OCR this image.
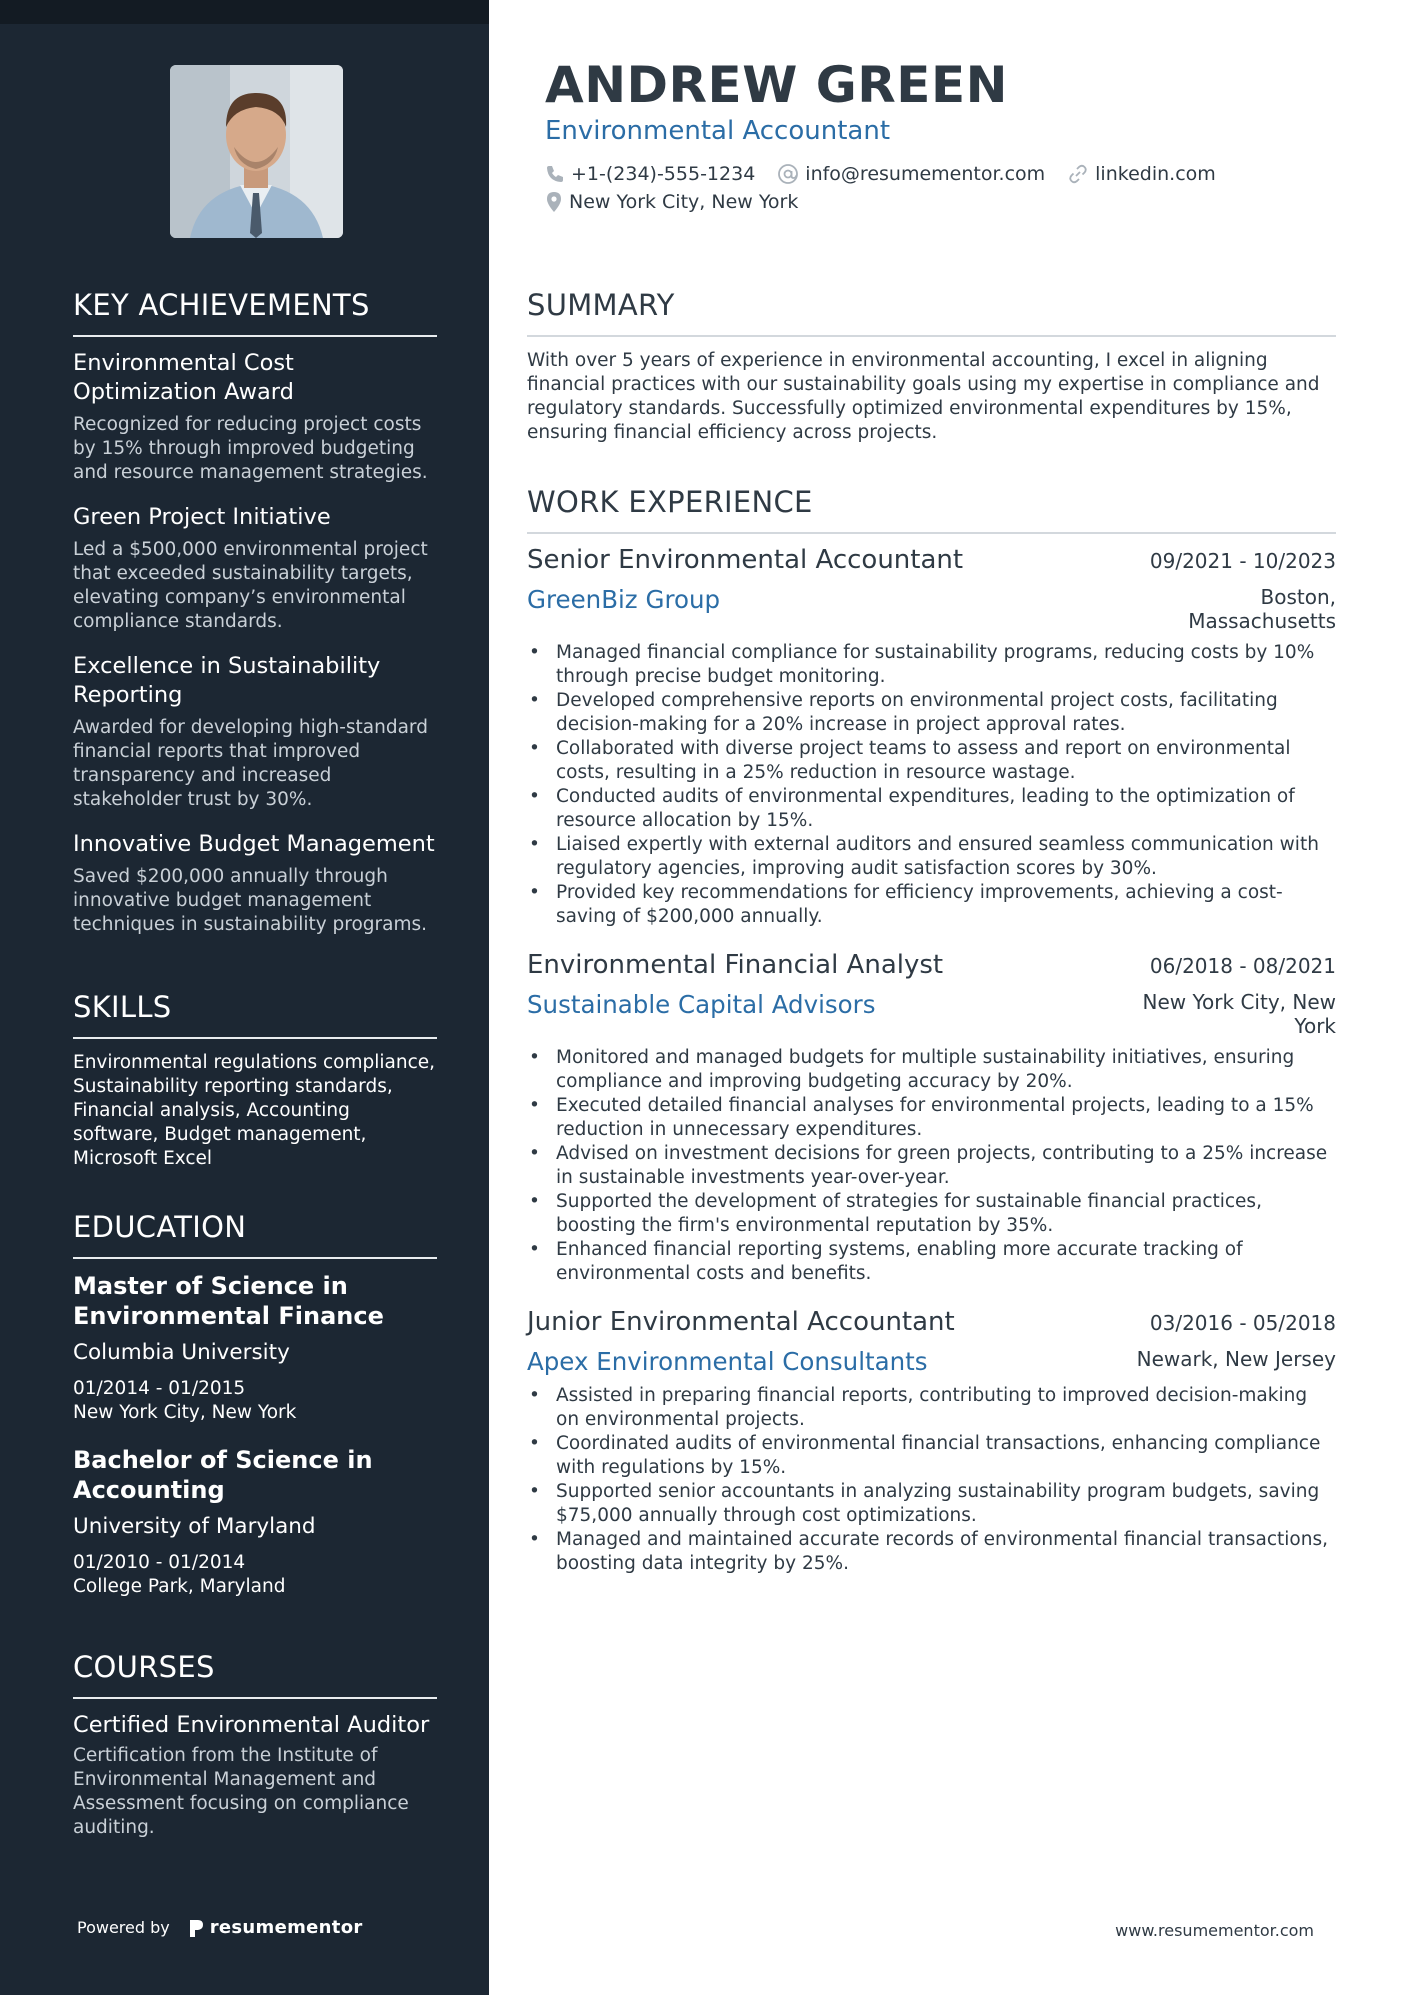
KEY ACHIEVEMENTS
Environmental Cost Optimization Award
Recognized for reducing project costs by 15% through improved budgeting and resource management strategies.
Green Project Initiative
Led a $500,000 environmental project that exceeded sustainability targets, elevating company’s environmental compliance standards.
Excellence in Sustainability Reporting
Awarded for developing high-standard financial reports that improved transparency and increased stakeholder trust by 30%.
Innovative Budget Management
Saved $200,000 annually through innovative budget management techniques in sustainability programs.
SKILLS
Environmental regulations compliance, Sustainability reporting standards, Financial analysis, Accounting software, Budget management, Microsoft Excel
EDUCATION
Master of Science in Environmental Finance
Columbia University
01/2014 - 01/2015
New York City, New York
Bachelor of Science in Accounting
University of Maryland
01/2010 - 01/2014
College Park, Maryland
COURSES
Certified Environmental Auditor
Certification from the Institute of Environmental Management and Assessment focusing on compliance auditing.
Powered by resumementor
ANDREW GREEN
Environmental Accountant
+1-(234)-555-1234	info@resumementor.com	linkedin.com
New York City, New York
SUMMARY
With over 5 years of experience in environmental accounting, I excel in aligning financial practices with our sustainability goals using my expertise in compliance and regulatory standards. Successfully optimized environmental expenditures by 15%, ensuring financial efficiency across projects.
WORK EXPERIENCE
Senior Environmental Accountant	09/2021 - 10/2023
GreenBiz Group	Boston, Massachusetts
• Managed financial compliance for sustainability programs, reducing costs by 10% through precise budget monitoring.
• Developed comprehensive reports on environmental project costs, facilitating decision-making for a 20% increase in project approval rates.
• Collaborated with diverse project teams to assess and report on environmental costs, resulting in a 25% reduction in resource wastage.
• Conducted audits of environmental expenditures, leading to the optimization of resource allocation by 15%.
• Liaised expertly with external auditors and ensured seamless communication with regulatory agencies, improving audit satisfaction scores by 30%.
• Provided key recommendations for efficiency improvements, achieving a cost-saving of $200,000 annually.
Environmental Financial Analyst	06/2018 - 08/2021
Sustainable Capital Advisors	New York City, New York
• Monitored and managed budgets for multiple sustainability initiatives, ensuring compliance and improving budgeting accuracy by 20%.
• Executed detailed financial analyses for environmental projects, leading to a 15% reduction in unnecessary expenditures.
• Advised on investment decisions for green projects, contributing to a 25% increase in sustainable investments year-over-year.
• Supported the development of strategies for sustainable financial practices, boosting the firm's environmental reputation by 35%.
• Enhanced financial reporting systems, enabling more accurate tracking of environmental costs and benefits.
Junior Environmental Accountant	03/2016 - 05/2018
Apex Environmental Consultants	Newark, New Jersey
• Assisted in preparing financial reports, contributing to improved decision-making on environmental projects.
• Coordinated audits of environmental financial transactions, enhancing compliance with regulations by 15%.
• Supported senior accountants in analyzing sustainability program budgets, saving $75,000 annually through cost optimizations.
• Managed and maintained accurate records of environmental financial transactions, boosting data integrity by 25%.
www.resumementor.com
